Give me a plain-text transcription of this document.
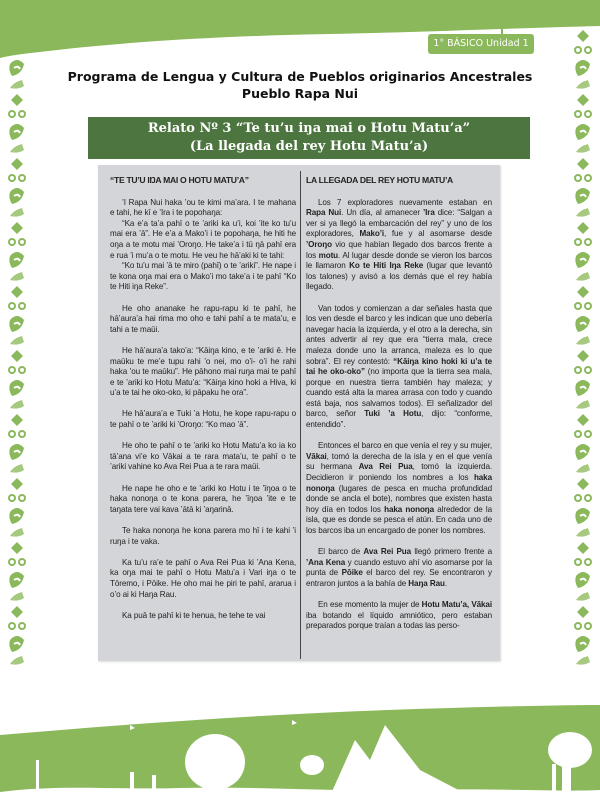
1° BÁSICO Unidad 1
Programa de Lengua y Cultura de Pueblos originarios Ancestrales
Pueblo Rapa Nui
Relato Nº 3 “Te tu’u iŋa mai o Hotu Matu’a”
(La llegada del rey Hotu Matu’a)
“TE TU’U IŊA MAI O HOTU MATU’A”

’I Rapa Nui haka ’ou te kimi ma’ara. I te mahana e tahi, he kī e ’Ira i te popohaŋa:

“Ka e’a ta’a pahī o te ’ariki ka u’i, koi ’ite ko tu’u mai era ’ā”. He e’a a Mako’i i te popohaŋa, he hiti he oŋa a te motu mai ’Oroŋo. He take’a i tū ŋā pahī era e rua ’i mu’a o te motu. He veu he hā’aki ki te tahi:

“Ko tu’u mai ’ā te miro (pahī) o te ’ariki”. He nape i te kona oŋa mai era o Mako’i mo take’a i te pahī “Ko te Hiti iŋa Reke”.

He oho ananake he rapu-rapu ki te pahī, he hā’aura’a hai rima mo oho e tahi pahī a te mata’u, e tahi a te maūi.

He hā’aura’a tako’a: “Kāiŋa kino, e te ’ariki ē. He maūku te me’e tupu rahi ’o nei, mo o’i- o’i he rahi haka ’ou te maūku”. He pāhono mai ruŋa mai te pahī e te ’ariki ko Hotu Matu’a: “Kāiŋa kino hoki a Hiva, ki u’a te tai he oko-oko, ki pāpaku he ora”.

He hā’aura’a e Tuki ’a Hotu, he kope rapu-rapu o te pahī o te ’ariki ki ’Oroŋo: “Ko mao ’ā”.

He oho te pahī o te ’ariki ko Hotu Matu’a ko ia ko tā’ana vi’e ko Vākai a te rara mata’u, te pahī o te ’ariki vahine ko Ava Rei Pua a te rara maūi.

He nape he oho e te ’ariki ko Hotu i te ’īŋoa o te haka nonoŋa o te kona parera, he ’īŋoa ’ite e te taŋata tere vai kava ’ātā ki ’aŋarinā.

Te haka nonoŋa he kona parera mo hī i te kahi ’i ruŋa i te vaka.

Ka tu’u ra’e te pahī o Ava Rei Pua ki ’Ana Kena, ka oŋa mai te pahī o Hotu Matu’a i Vari iŋa o te Tōremo, i Pōike. He oho mai he piri te pahī, ararua i o’o ai ki Haŋa Rau.

Ka puā te pahī ki te henua, he tehe te vai

LA LLEGADA DEL REY HOTU MATU’A

Los 7 exploradores nuevamente estaban en Rapa Nui. Un día, al amanecer ’Ira dice: “Salgan a ver si ya llegó la embarcación del rey” y uno de los exploradores, Mako’i, fue y al asomarse desde ’Oroŋo vio que habían llegado dos barcos frente a los motu. Al lugar desde donde se vieron los barcos le llamaron Ko te Hiti Iŋa Reke (lugar que levantó los talones) y avisó a los demás que el rey había llegado.

Van todos y comienzan a dar señales hasta que los ven desde el barco y les indican que uno debería navegar hacia la izquierda, y el otro a la derecha, sin antes advertir al rey que era “tierra mala, crece maleza donde uno la arranca, maleza es lo que sobra”. El rey contestó: “Kāiŋa kino hoki ki u’a te tai he oko-oko” (no importa que la tierra sea mala, porque en nuestra tierra también hay maleza; y cuando está alta la marea arrasa con todo y cuando está baja, nos salvamos todos). El señalizador del barco, señor Tuki ’a Hotu, dijo: “conforme, entendido”.

Entonces el barco en que venía el rey y su mujer, Vākai, tomó la derecha de la isla y en el que venía su hermana Ava Rei Pua, tomó la izquierda. Decidieron ir poniendo los nombres a los haka nonoŋa (lugares de pesca en mucha profundidad donde se ancla el bote), nombres que existen hasta hoy día en todos los haka nonoŋa alrededor de la isla, que es donde se pesca el atún. En cada uno de los barcos iba un encargado de poner los nombres.

El barco de Ava Rei Pua llegó primero frente a ’Ana Kena y cuando estuvo ahí vio asomarse por la punta de Pōike el barco del rey. Se encontraron y entraron juntos a la bahía de Haŋa Rau.

En ese momento la mujer de Hotu Matu’a, Vākai iba botando el líquido amniótico, pero estaban preparados porque traían a todas las perso-
